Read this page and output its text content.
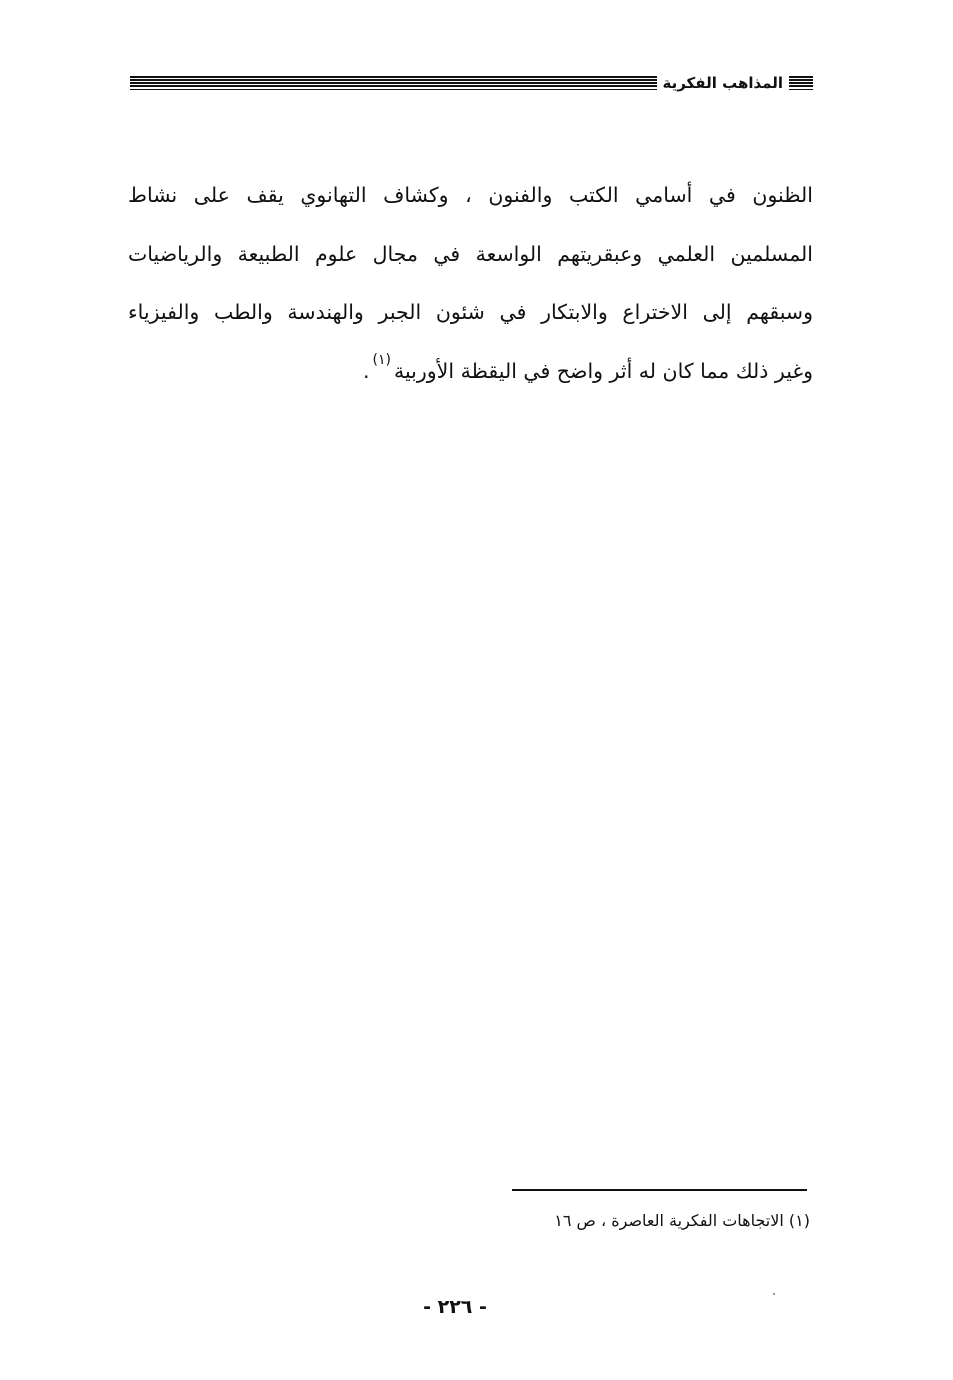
المذاهب الفكرية
الظنون في أسامي الكتب والفنون ، وكشاف التهانوي يقف على نشاط
المسلمين العلمي وعبقريتهم الواسعة في مجال علوم الطبيعة والرياضيات
وسبقهم إلى الاختراع والابتكار في شئون الجبر والهندسة والطب والفيزياء
وغير ذلك مما كان له أثر واضح في اليقظة الأوربية$^{(١)}$.
(١) الاتجاهات الفكرية العاصرة ، ص ١٦
- ٢٢٦ -
